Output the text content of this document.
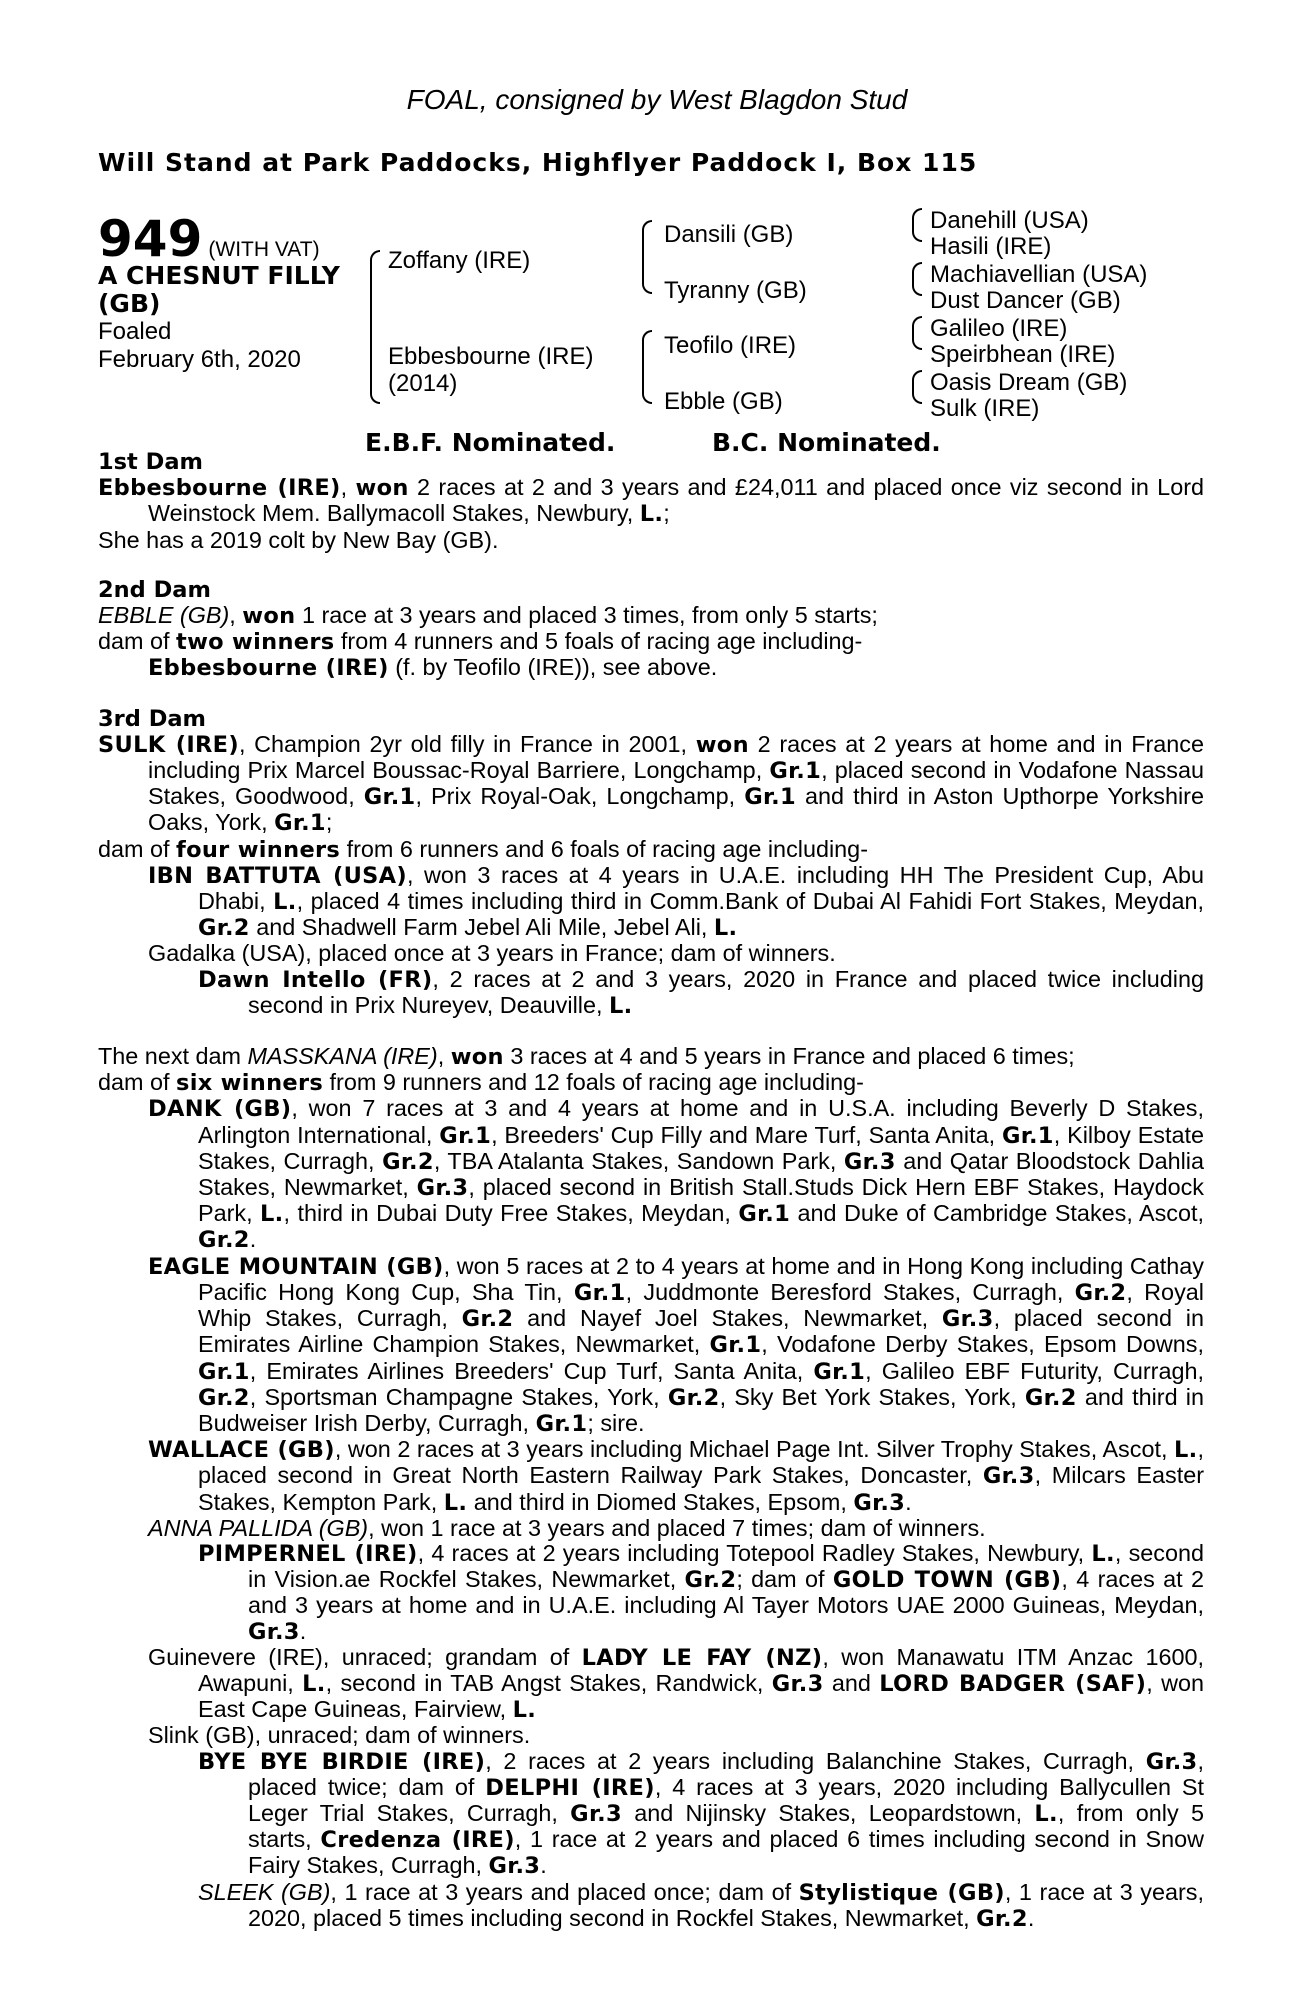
FOAL, consigned by West Blagdon Stud
Will Stand at Park Paddocks, Highflyer Paddock I, Box 115
949 (WITH VAT)
A CHESNUT FILLY (GB)
Foaled
February 6th, 2020
Zoffany (IRE)
Ebbesbourne (IRE)
(2014)
Dansili (GB)
Tyranny (GB)
Teofilo (IRE)
Ebble (GB)
Danehill (USA)
Hasili (IRE)
Machiavellian (USA)
Dust Dancer (GB)
Galileo (IRE)
Speirbhean (IRE)
Oasis Dream (GB)
Sulk (IRE)
E.B.F. Nominated.	B.C. Nominated.

1st Dam

Ebbesbourne (IRE), won 2 races at 2 and 3 years and £24,011 and placed once viz second in Lord Weinstock Mem. Ballymacoll Stakes, Newbury, L.;

She has a 2019 colt by New Bay (GB).

2nd Dam

EBBLE (GB), won 1 race at 3 years and placed 3 times, from only 5 starts;

dam of two winners from 4 runners and 5 foals of racing age including-

Ebbesbourne (IRE) (f. by Teofilo (IRE)), see above.

3rd Dam

SULK (IRE), Champion 2yr old filly in France in 2001, won 2 races at 2 years at home and in France including Prix Marcel Boussac-Royal Barriere, Longchamp, Gr.1, placed second in Vodafone Nassau Stakes, Goodwood, Gr.1, Prix Royal-Oak, Longchamp, Gr.1 and third in Aston Upthorpe Yorkshire Oaks, York, Gr.1;

dam of four winners from 6 runners and 6 foals of racing age including-

IBN BATTUTA (USA), won 3 races at 4 years in U.A.E. including HH The President Cup, Abu Dhabi, L., placed 4 times including third in Comm.Bank of Dubai Al Fahidi Fort Stakes, Meydan, Gr.2 and Shadwell Farm Jebel Ali Mile, Jebel Ali, L.

Gadalka (USA), placed once at 3 years in France; dam of winners.

Dawn Intello (FR), 2 races at 2 and 3 years, 2020 in France and placed twice including second in Prix Nureyev, Deauville, L.

The next dam MASSKANA (IRE), won 3 races at 4 and 5 years in France and placed 6 times;

dam of six winners from 9 runners and 12 foals of racing age including-

DANK (GB), won 7 races at 3 and 4 years at home and in U.S.A. including Beverly D Stakes, Arlington International, Gr.1, Breeders' Cup Filly and Mare Turf, Santa Anita, Gr.1, Kilboy Estate Stakes, Curragh, Gr.2, TBA Atalanta Stakes, Sandown Park, Gr.3 and Qatar Bloodstock Dahlia Stakes, Newmarket, Gr.3, placed second in British Stall.Studs Dick Hern EBF Stakes, Haydock Park, L., third in Dubai Duty Free Stakes, Meydan, Gr.1 and Duke of Cambridge Stakes, Ascot, Gr.2.

EAGLE MOUNTAIN (GB), won 5 races at 2 to 4 years at home and in Hong Kong including Cathay Pacific Hong Kong Cup, Sha Tin, Gr.1, Juddmonte Beresford Stakes, Curragh, Gr.2, Royal Whip Stakes, Curragh, Gr.2 and Nayef Joel Stakes, Newmarket, Gr.3, placed second in Emirates Airline Champion Stakes, Newmarket, Gr.1, Vodafone Derby Stakes, Epsom Downs, Gr.1, Emirates Airlines Breeders' Cup Turf, Santa Anita, Gr.1, Galileo EBF Futurity, Curragh, Gr.2, Sportsman Champagne Stakes, York, Gr.2, Sky Bet York Stakes, York, Gr.2 and third in Budweiser Irish Derby, Curragh, Gr.1; sire.

WALLACE (GB), won 2 races at 3 years including Michael Page Int. Silver Trophy Stakes, Ascot, L., placed second in Great North Eastern Railway Park Stakes, Doncaster, Gr.3, Milcars Easter Stakes, Kempton Park, L. and third in Diomed Stakes, Epsom, Gr.3.

ANNA PALLIDA (GB), won 1 race at 3 years and placed 7 times; dam of winners.

PIMPERNEL (IRE), 4 races at 2 years including Totepool Radley Stakes, Newbury, L., second in Vision.ae Rockfel Stakes, Newmarket, Gr.2; dam of GOLD TOWN (GB), 4 races at 2 and 3 years at home and in U.A.E. including Al Tayer Motors UAE 2000 Guineas, Meydan, Gr.3.

Guinevere (IRE), unraced; grandam of LADY LE FAY (NZ), won Manawatu ITM Anzac 1600, Awapuni, L., second in TAB Angst Stakes, Randwick, Gr.3 and LORD BADGER (SAF), won East Cape Guineas, Fairview, L.

Slink (GB), unraced; dam of winners.

BYE BYE BIRDIE (IRE), 2 races at 2 years including Balanchine Stakes, Curragh, Gr.3, placed twice; dam of DELPHI (IRE), 4 races at 3 years, 2020 including Ballycullen St Leger Trial Stakes, Curragh, Gr.3 and Nijinsky Stakes, Leopardstown, L., from only 5 starts, Credenza (IRE), 1 race at 2 years and placed 6 times including second in Snow Fairy Stakes, Curragh, Gr.3.

SLEEK (GB), 1 race at 3 years and placed once; dam of Stylistique (GB), 1 race at 3 years, 2020, placed 5 times including second in Rockfel Stakes, Newmarket, Gr.2.
